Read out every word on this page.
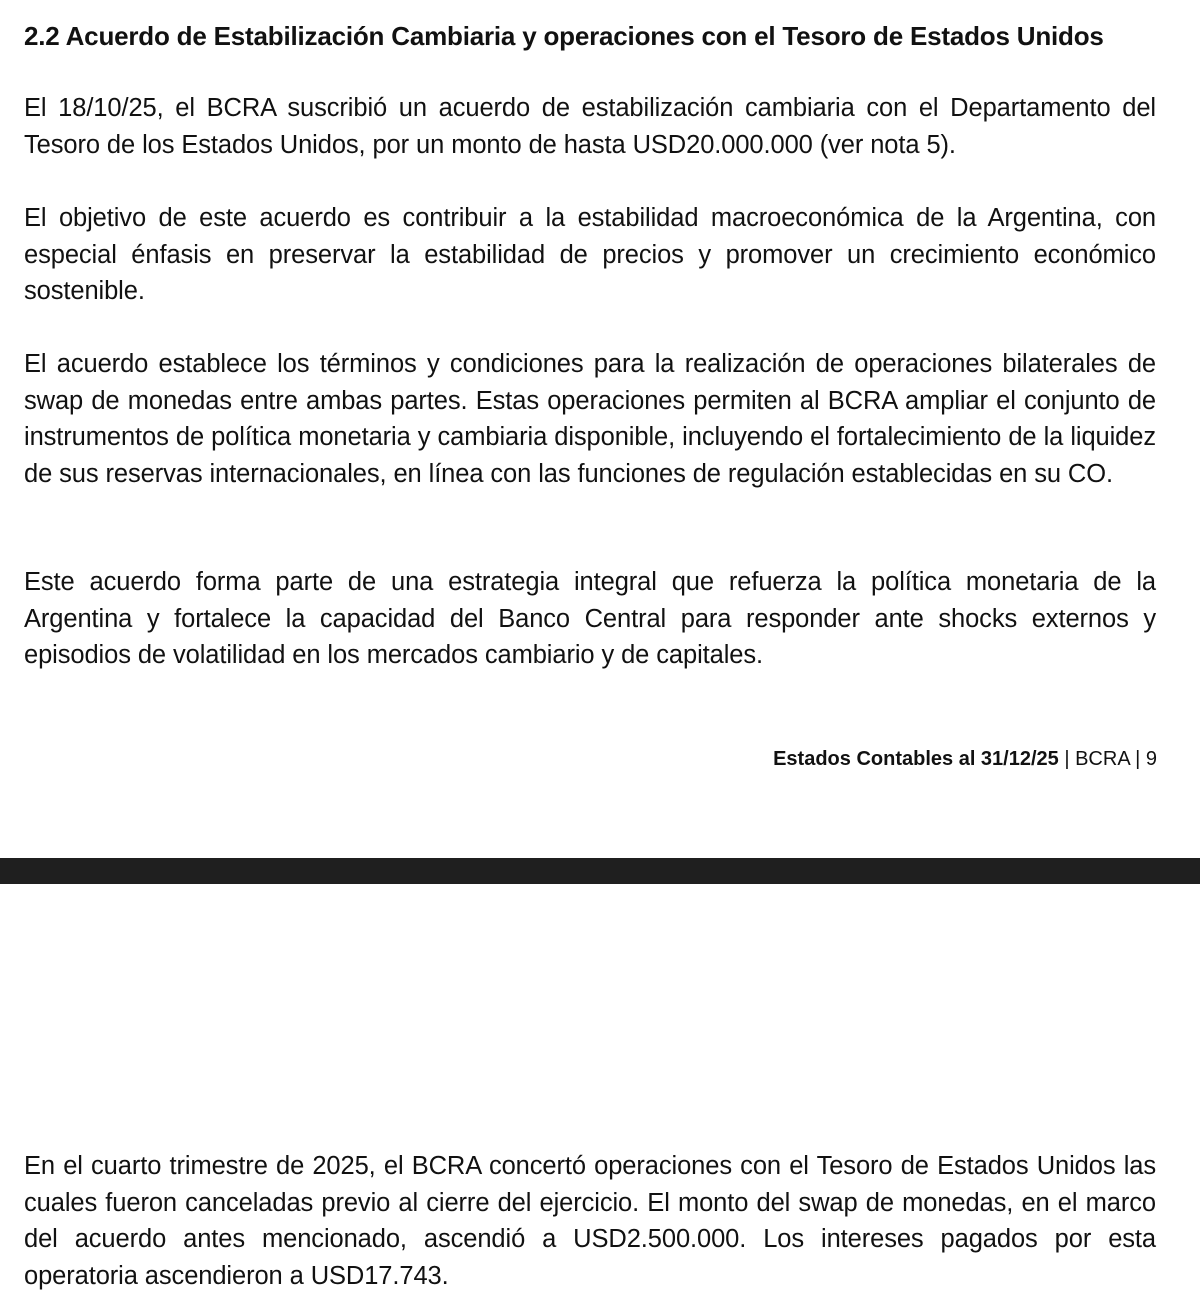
2.2 Acuerdo de Estabilización Cambiaria y operaciones con el Tesoro de Estados Unidos

El 18/10/25, el BCRA suscribió un acuerdo de estabilización cambiaria con el Departamento del Tesoro de los Estados Unidos, por un monto de hasta USD20.000.000 (ver nota 5).

El objetivo de este acuerdo es contribuir a la estabilidad macroeconómica de la Argentina, con especial énfasis en preservar la estabilidad de precios y promover un crecimiento económico sostenible.

El acuerdo establece los términos y condiciones para la realización de operaciones bilaterales de swap de monedas entre ambas partes. Estas operaciones permiten al BCRA ampliar el conjunto de instrumentos de política monetaria y cambiaria disponible, incluyendo el fortalecimiento de la liquidez de sus reservas internacionales, en línea con las funciones de regulación establecidas en su CO.

Este acuerdo forma parte de una estrategia integral que refuerza la política monetaria de la Argentina y fortalece la capacidad del Banco Central para responder ante shocks externos y episodios de volatilidad en los mercados cambiario y de capitales.

Estados Contables al 31/12/25 | BCRA | 9

En el cuarto trimestre de 2025, el BCRA concertó operaciones con el Tesoro de Estados Unidos las cuales fueron canceladas previo al cierre del ejercicio. El monto del swap de monedas, en el marco del acuerdo antes mencionado, ascendió a USD2.500.000. Los intereses pagados por esta operatoria ascendieron a USD17.743.
